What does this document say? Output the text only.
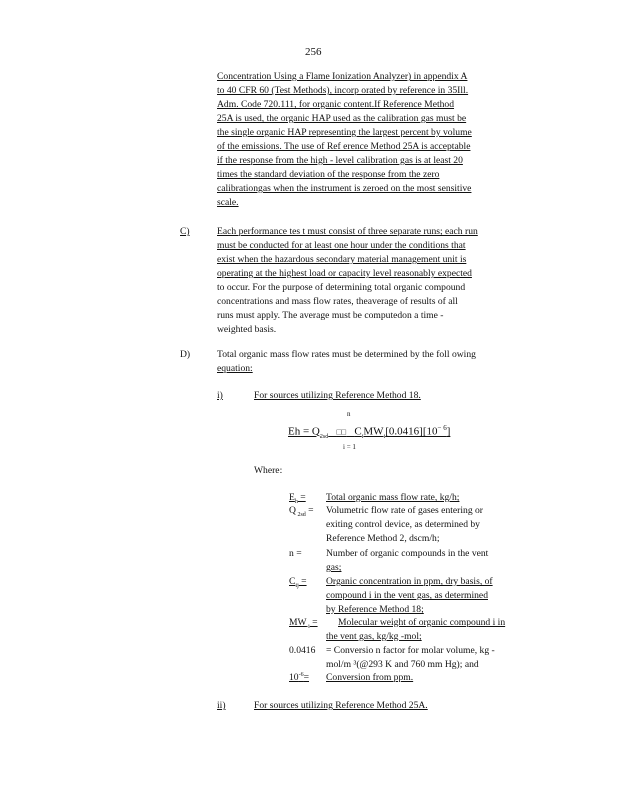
256
Concentration Using a Flame Ionization Analyzer) in appendix A
to 40 CFR 60 (Test Methods), incorp orated by reference in 35Ill.
Adm. Code 720.111, for organic content.If Reference Method
25A is used, the organic HAP used as the calibration gas must be
the single organic HAP representing the largest percent by volume
of the emissions. The use of Ref erence Method 25A is acceptable
if the response from the high - level calibration gas is at least 20
times the standard deviation of the response from the zero
calibrationgas when the instrument is zeroed on the most sensitive
scale.
C)	Each performance tes t must consist of three separate runs; each run
must be conducted for at least one hour under the conditions that
exist when the hazardous secondary material management unit is
operating at the highest load or capacity level reasonably expected
to occur. For the purpose of determining total organic compound
concentrations and mass flow rates, theaverage of results of all
runs must apply. The average must be computedon a time -
weighted basis.
D)	Total organic mass flow rates must be determined by the foll owing
equation:
i)	For sources utilizing Reference Method 18.
n
$Eh = Q_{2sd}$   □□ $C_iMW_i[0.0416][10^{- 6}]$
i = 1
Where:
$E_h$ = Total organic mass flow rate, kg/h;
Q $_{2sd}$ = Volumetric flow rate of gases entering or
exiting control device, as determined by
Reference Method 2, dscm/h;
n =	Number of organic compounds in the vent
gas;
$C_{ij}$ = Organic concentration in ppm, dry basis, of
compound i in the vent gas, as determined
by Reference Method 18;
MW $_i$ = Molecular weight of organic compound i in
the vent gas, kg/kg -mol;
0.0416 = Conversio n factor for molar volume, kg -
mol/m ³(@293 K and 760 mm Hg); and
$10^{-6}=$ Conversion from ppm.
ii)	For sources utilizing Reference Method 25A.
